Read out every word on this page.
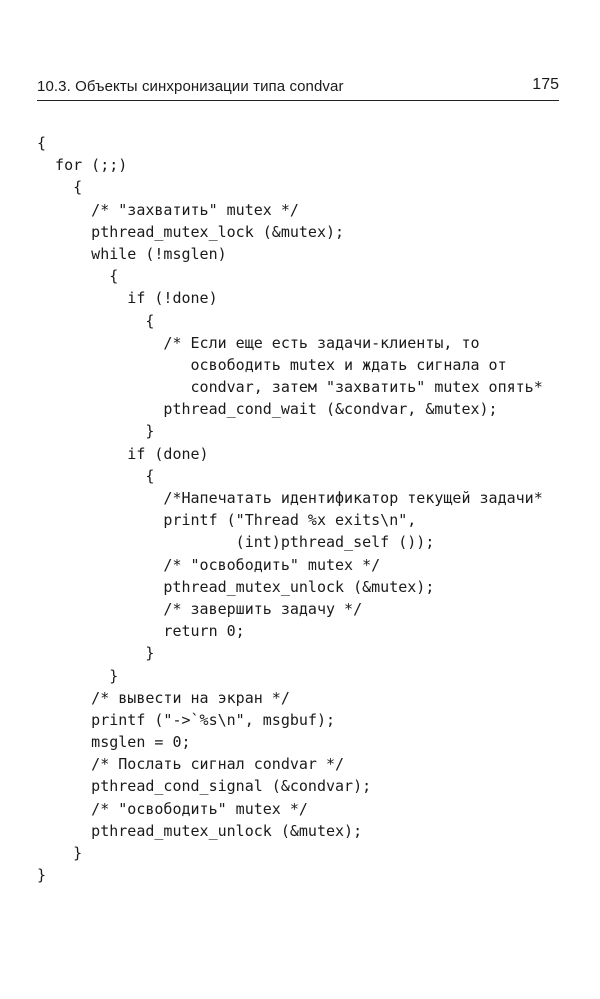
10.3. Объекты синхронизации типа condvar	175
{
for (;;)
{
/* "захватить" mutex */
pthread_mutex_lock (&mutex);
while (!msglen)
{
if (!done)
{
/* Если еще есть задачи-клиенты, то
освободить mutex и ждать сигнала от
condvar, затем "захватить" mutex опять*
pthread_cond_wait (&condvar, &mutex);
}
if (done)
{
/*Напечатать идентификатор текущей задачи*
printf ("Thread %x exits\n",
(int)pthread_self ());
/* "освободить" mutex */
pthread_mutex_unlock (&mutex);
/* завершить задачу */
return 0;
}
}
/* вывести на экран */
printf ("->`%s\n", msgbuf);
msglen = 0;
/* Послать сигнал condvar */
pthread_cond_signal (&condvar);
/* "освободить" mutex */
pthread_mutex_unlock (&mutex);
}
}
